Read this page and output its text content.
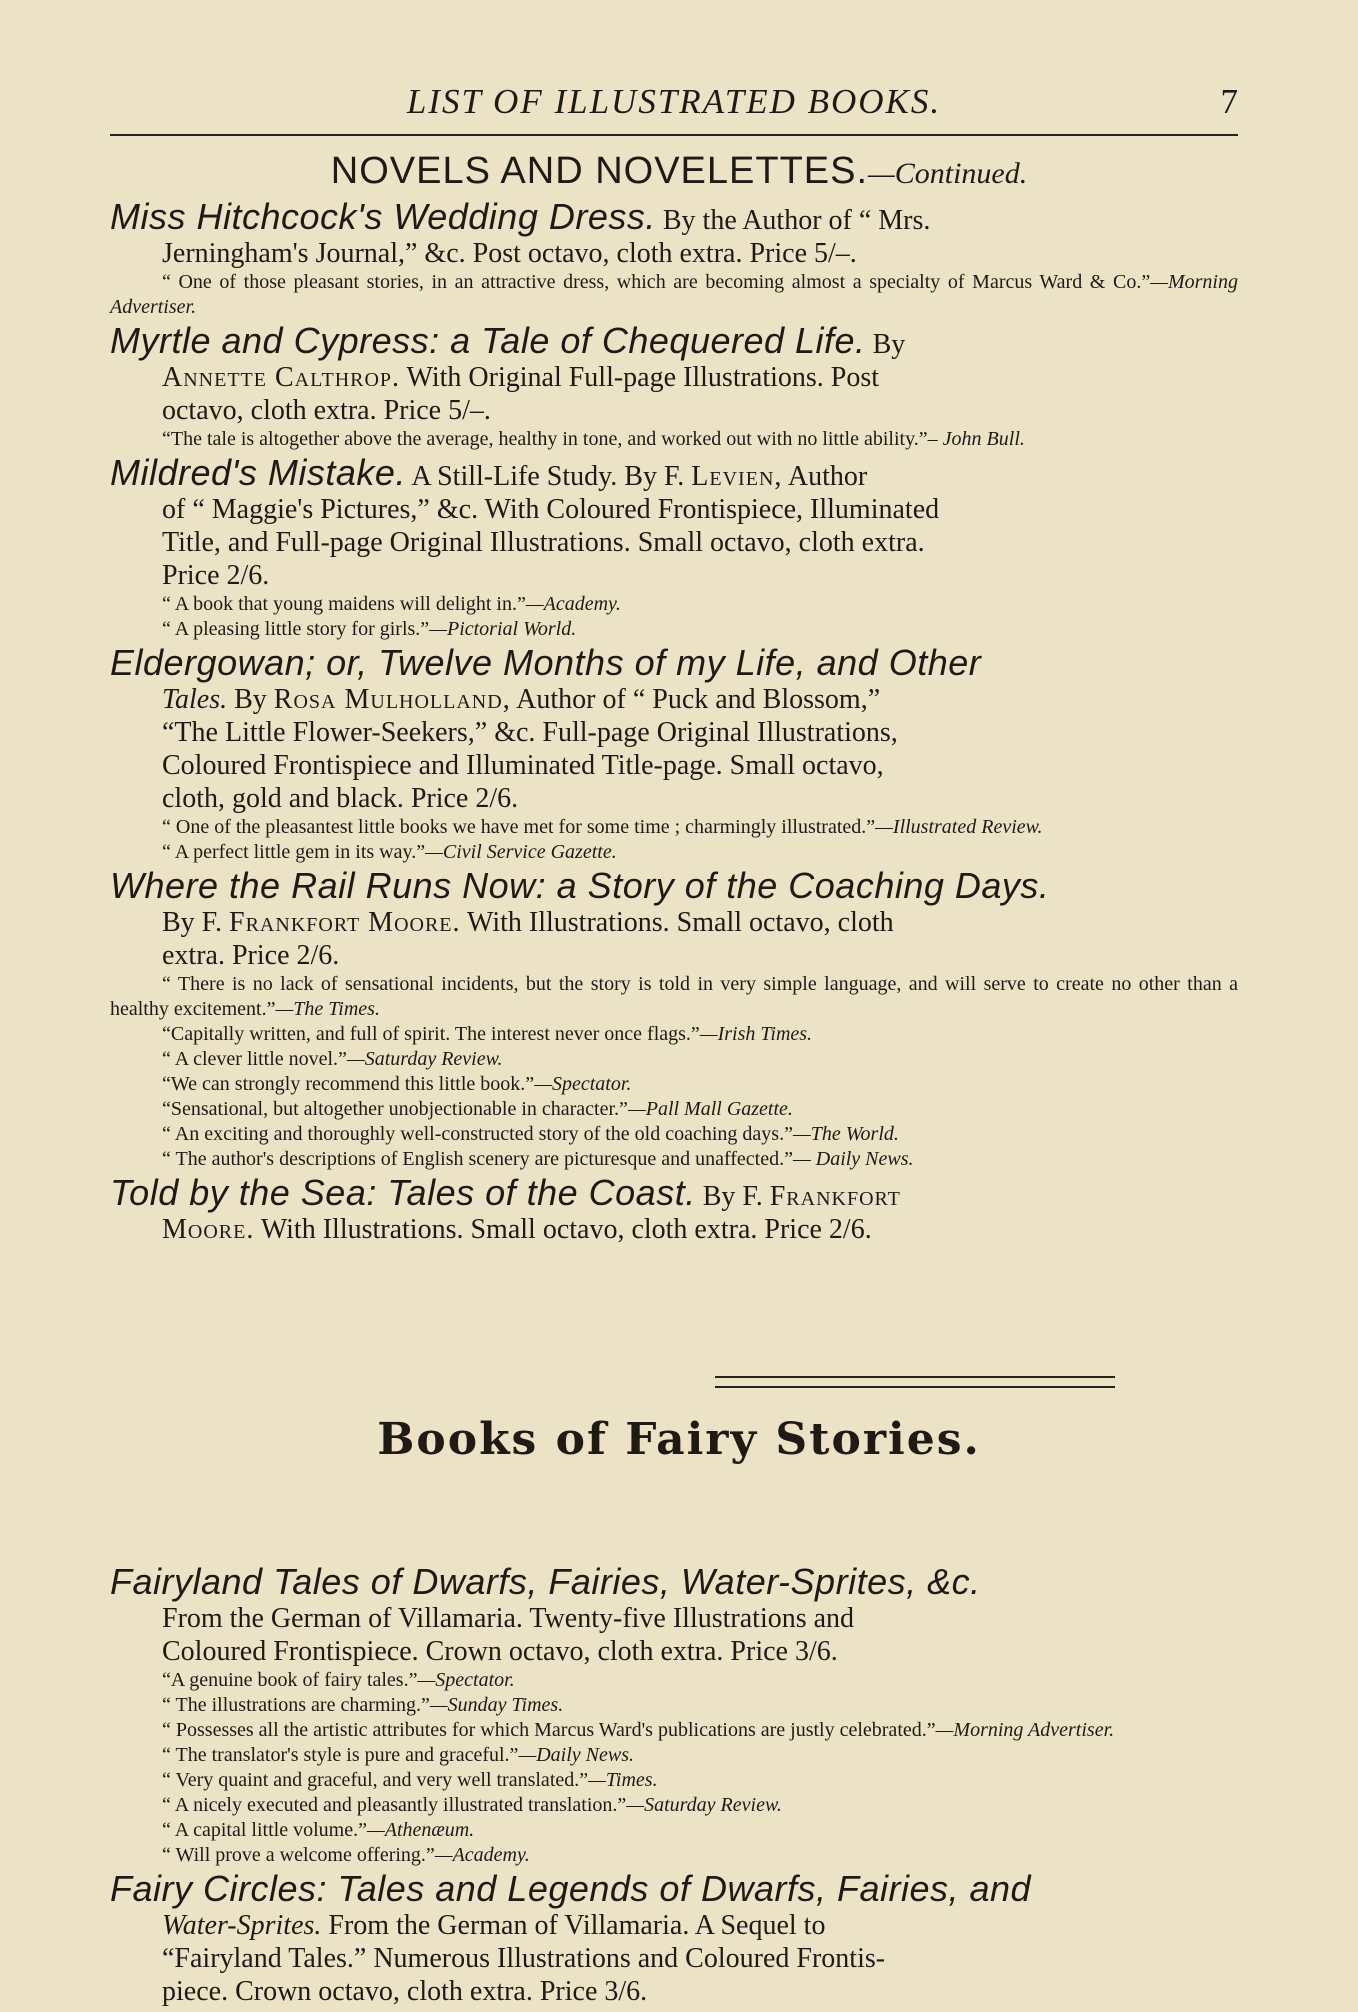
LIST OF ILLUSTRATED BOOKS.	7
NOVELS AND NOVELETTES.—Continued.
Miss Hitchcock's Wedding Dress. By the Author of “ Mrs.
Jerningham's Journal,” &c. Post octavo, cloth extra. Price 5/–.
“ One of those pleasant stories, in an attractive dress, which are becoming almost a specialty of Marcus Ward & Co.”—Morning Advertiser.
Myrtle and Cypress: a Tale of Chequered Life. By
Annette Calthrop. With Original Full-page Illustrations. Post
octavo, cloth extra. Price 5/–.
“The tale is altogether above the average, healthy in tone, and worked out with no little ability.”– John Bull.
Mildred's Mistake. A Still-Life Study. By F. Levien, Author
of “ Maggie's Pictures,” &c. With Coloured Frontispiece, Illuminated
Title, and Full-page Original Illustrations. Small octavo, cloth extra.
Price 2/6.
“ A book that young maidens will delight in.”—Academy.
“ A pleasing little story for girls.”—Pictorial World.
Eldergowan; or, Twelve Months of my Life, and Other
Tales. By Rosa Mulholland, Author of “ Puck and Blossom,”
“The Little Flower-Seekers,” &c. Full-page Original Illustrations,
Coloured Frontispiece and Illuminated Title-page. Small octavo,
cloth, gold and black. Price 2/6.
“ One of the pleasantest little books we have met for some time ; charmingly illustrated.”—Illustrated Review.
“ A perfect little gem in its way.”—Civil Service Gazette.
Where the Rail Runs Now: a Story of the Coaching Days.
By F. Frankfort Moore. With Illustrations. Small octavo, cloth
extra. Price 2/6.
“ There is no lack of sensational incidents, but the story is told in very simple language, and will serve to create no other than a healthy excitement.”—The Times.
“Capitally written, and full of spirit. The interest never once flags.”—Irish Times.
“ A clever little novel.”—Saturday Review.
“We can strongly recommend this little book.”—Spectator.
“Sensational, but altogether unobjectionable in character.”—Pall Mall Gazette.
“ An exciting and thoroughly well-constructed story of the old coaching days.”—The World.
“ The author's descriptions of English scenery are picturesque and unaffected.”— Daily News.
Told by the Sea: Tales of the Coast. By F. Frankfort
Moore. With Illustrations. Small octavo, cloth extra. Price 2/6.
Books of Fairy Stories.
Fairyland Tales of Dwarfs, Fairies, Water-Sprites, &c.
From the German of Villamaria. Twenty-five Illustrations and
Coloured Frontispiece. Crown octavo, cloth extra. Price 3/6.
“A genuine book of fairy tales.”—Spectator.
“ The illustrations are charming.”—Sunday Times.
“ Possesses all the artistic attributes for which Marcus Ward's publications are justly celebrated.”—Morning Advertiser.
“ The translator's style is pure and graceful.”—Daily News.
“ Very quaint and graceful, and very well translated.”—Times.
“ A nicely executed and pleasantly illustrated translation.”—Saturday Review.
“ A capital little volume.”—Athenæum.
“ Will prove a welcome offering.”—Academy.
Fairy Circles: Tales and Legends of Dwarfs, Fairies, and
Water-Sprites. From the German of Villamaria. A Sequel to
“Fairyland Tales.” Numerous Illustrations and Coloured Frontis-
piece. Crown octavo, cloth extra. Price 3/6.
